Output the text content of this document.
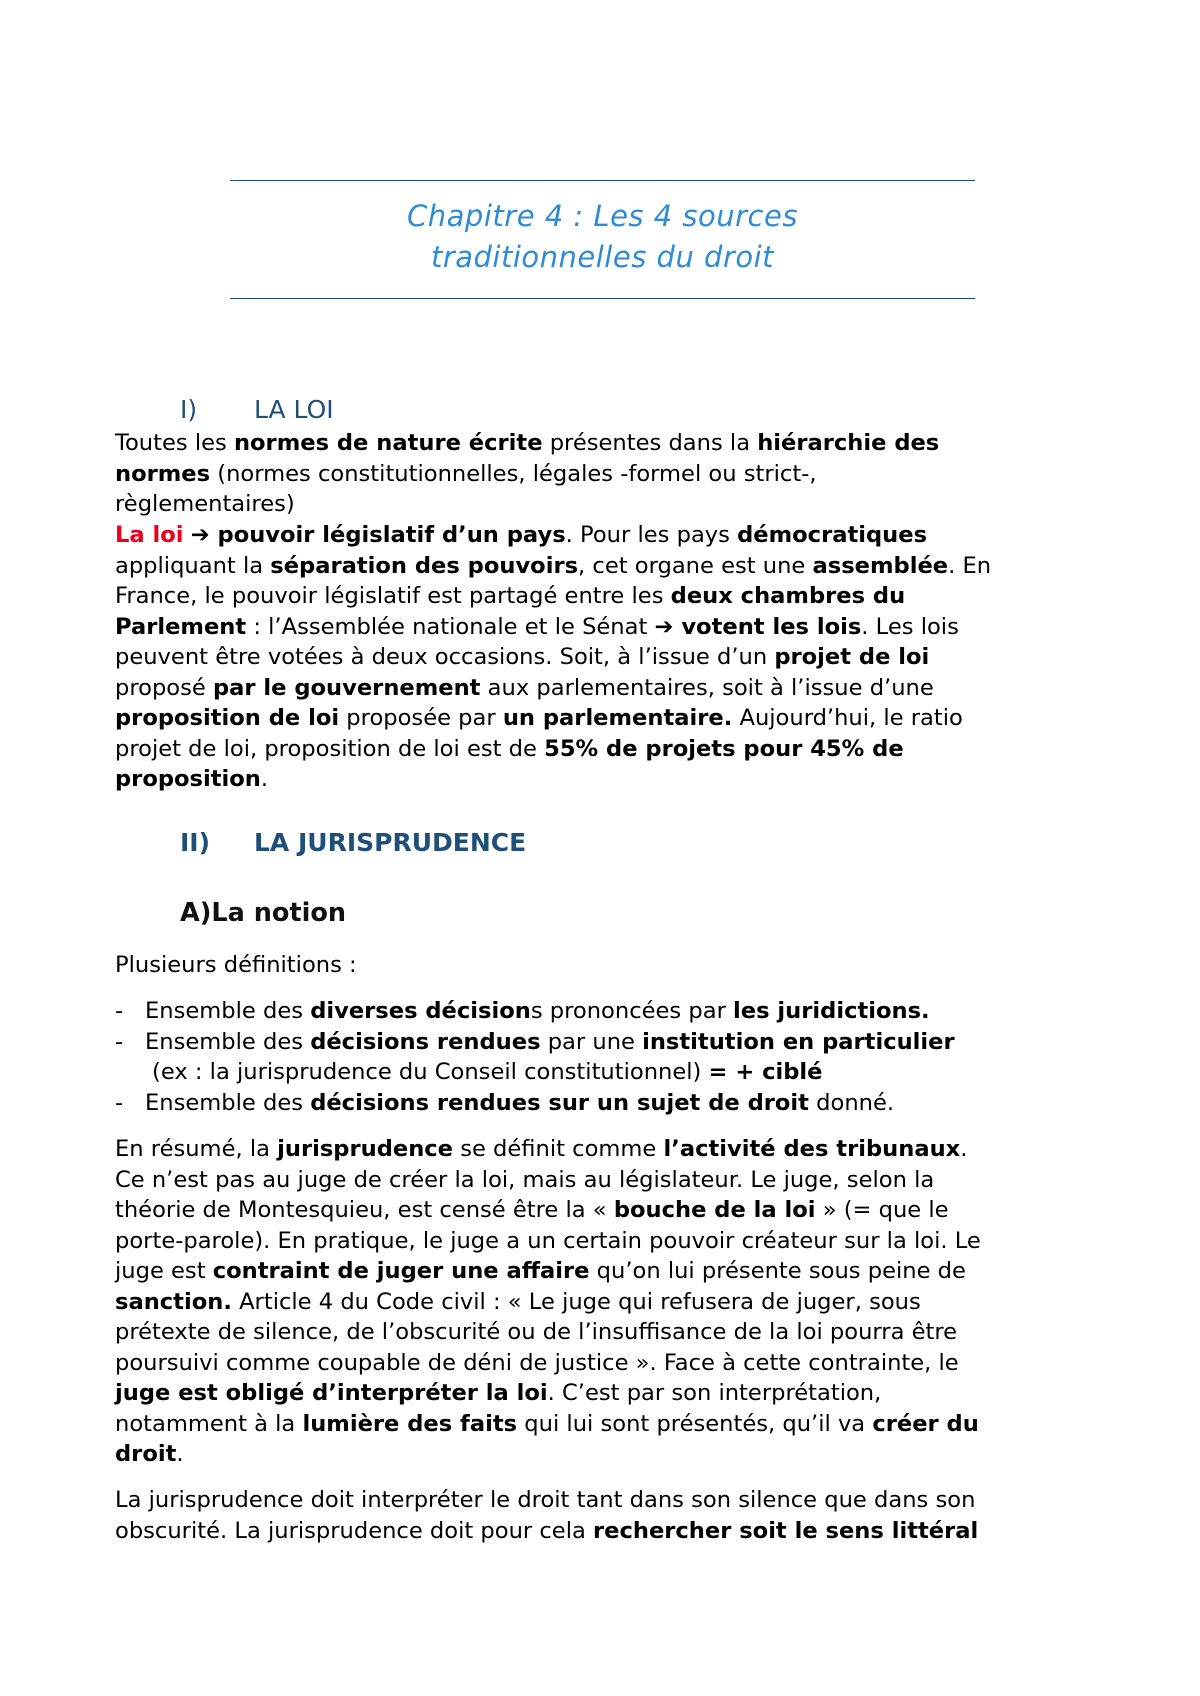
Chapitre 4 : Les 4 sources
traditionnelles du droit
I) LA LOI
Toutes les normes de nature écrite présentes dans la hiérarchie des
normes (normes constitutionnelles, légales -formel ou strict-,
règlementaires)
La loi ➔ pouvoir législatif d’un pays. Pour les pays démocratiques
appliquant la séparation des pouvoirs, cet organe est une assemblée. En
France, le pouvoir législatif est partagé entre les deux chambres du
Parlement : l’Assemblée nationale et le Sénat ➔ votent les lois. Les lois
peuvent être votées à deux occasions. Soit, à l’issue d’un projet de loi
proposé par le gouvernement aux parlementaires, soit à l’issue d’une
proposition de loi proposée par un parlementaire. Aujourd’hui, le ratio
projet de loi, proposition de loi est de 55% de projets pour 45% de
proposition.
II) LA JURISPRUDENCE
A)La notion
Plusieurs définitions :
- Ensemble des diverses décisions prononcées par les juridictions.
- Ensemble des décisions rendues par une institution en particulier
(ex : la jurisprudence du Conseil constitutionnel) = + ciblé
- Ensemble des décisions rendues sur un sujet de droit donné.
En résumé, la jurisprudence se définit comme l’activité des tribunaux.
Ce n’est pas au juge de créer la loi, mais au législateur. Le juge, selon la
théorie de Montesquieu, est censé être la « bouche de la loi » (= que le
porte-parole). En pratique, le juge a un certain pouvoir créateur sur la loi. Le
juge est contraint de juger une affaire qu’on lui présente sous peine de
sanction. Article 4 du Code civil : « Le juge qui refusera de juger, sous
prétexte de silence, de l’obscurité ou de l’insuffisance de la loi pourra être
poursuivi comme coupable de déni de justice ». Face à cette contrainte, le
juge est obligé d’interpréter la loi. C’est par son interprétation,
notamment à la lumière des faits qui lui sont présentés, qu’il va créer du
droit.
La jurisprudence doit interpréter le droit tant dans son silence que dans son
obscurité. La jurisprudence doit pour cela rechercher soit le sens littéral
